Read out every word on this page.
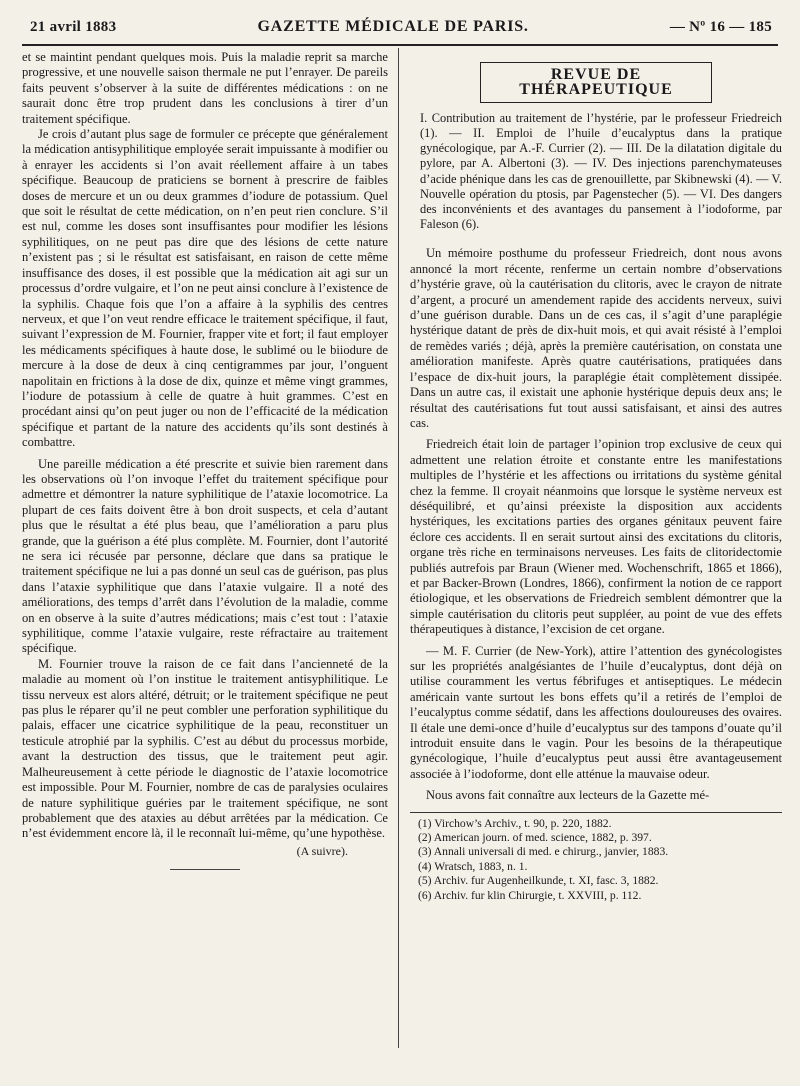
21 avril 1883	GAZETTE MÉDICALE DE PARIS.	— Nº 16 — 185

et se maintint pendant quelques mois. Puis la maladie reprit sa marche progressive, et une nouvelle saison thermale ne put l’enrayer. De pareils faits peuvent s’observer à la suite de différentes médications : on ne saurait donc être trop prudent dans les conclusions à tirer d’un traitement spécifique.

Je crois d’autant plus sage de formuler ce précepte que généralement la médication antisyphilitique employée serait impuissante à modifier ou à enrayer les accidents si l’on avait réellement affaire à un tabes spécifique. Beaucoup de praticiens se bornent à prescrire de faibles doses de mercure et un ou deux grammes d’iodure de potassium. Quel que soit le résultat de cette médication, on n’en peut rien conclure. S’il est nul, comme les doses sont insuffisantes pour modifier les lésions syphilitiques, on ne peut pas dire que des lésions de cette nature n’existent pas ; si le résultat est satisfaisant, en raison de cette même insuffisance des doses, il est possible que la médication ait agi sur un processus d’ordre vulgaire, et l’on ne peut ainsi conclure à l’existence de la syphilis. Chaque fois que l’on a affaire à la syphilis des centres nerveux, et que l’on veut rendre efficace le traitement spécifique, il faut, suivant l’expression de M. Fournier, frapper vite et fort; il faut employer les médicaments spécifiques à haute dose, le sublimé ou le biiodure de mercure à la dose de deux à cinq centigrammes par jour, l’onguent napolitain en frictions à la dose de dix, quinze et même vingt grammes, l’iodure de potassium à celle de quatre à huit grammes. C’est en procédant ainsi qu’on peut juger ou non de l’efficacité de la médication spécifique et partant de la nature des accidents qu’ils sont destinés à combattre.

Une pareille médication a été prescrite et suivie bien rarement dans les observations où l’on invoque l’effet du traitement spécifique pour admettre et démontrer la nature syphilitique de l’ataxie locomotrice. La plupart de ces faits doivent être à bon droit suspects, et cela d’autant plus que le résultat a été plus beau, que l’amélioration a paru plus grande, que la guérison a été plus complète. M. Fournier, dont l’autorité ne sera ici récusée par personne, déclare que dans sa pratique le traitement spécifique ne lui a pas donné un seul cas de guérison, pas plus dans l’ataxie syphilitique que dans l’ataxie vulgaire. Il a noté des améliorations, des temps d’arrêt dans l’évolution de la maladie, comme on en observe à la suite d’autres médications; mais c’est tout : l’ataxie syphilitique, comme l’ataxie vulgaire, reste réfractaire au traitement spécifique.

M. Fournier trouve la raison de ce fait dans l’ancienneté de la maladie au moment où l’on institue le traitement antisyphilitique. Le tissu nerveux est alors altéré, détruit; or le traitement spécifique ne peut pas plus le réparer qu’il ne peut combler une perforation syphilitique du palais, effacer une cicatrice syphilitique de la peau, reconstituer un testicule atrophié par la syphilis. C’est au début du processus morbide, avant la destruction des tissus, que le traitement peut agir. Malheureusement à cette période le diagnostic de l’ataxie locomotrice est impossible. Pour M. Fournier, nombre de cas de paralysies oculaires de nature syphilitique guéries par le traitement spécifique, ne sont probablement que des ataxies au début arrêtées par la médication. Ce n’est évidemment encore là, il le reconnaît lui-même, qu’une hypothèse.

(A suivre).
REVUE DE THÉRAPEUTIQUE

I. Contribution au traitement de l’hystérie, par le professeur Friedreich (1). — II. Emploi de l’huile d’eucalyptus dans la pratique gynécologique, par A.-F. Currier (2). — III. De la dilatation digitale du pylore, par A. Albertoni (3). — IV. Des injections parenchymateuses d’acide phénique dans les cas de grenouillette, par Skibnewski (4). — V. Nouvelle opération du ptosis, par Pagenstecher (5). — VI. Des dangers des inconvénients et des avantages du pansement à l’iodoforme, par Faleson (6).

Un mémoire posthume du professeur Friedreich, dont nous avons annoncé la mort récente, renferme un certain nombre d’observations d’hystérie grave, où la cautérisation du clitoris, avec le crayon de nitrate d’argent, a procuré un amendement rapide des accidents nerveux, suivi d’une guérison durable. Dans un de ces cas, il s’agit d’une paraplégie hystérique datant de près de dix-huit mois, et qui avait résisté à l’emploi de remèdes variés ; déjà, après la première cautérisation, on constata une amélioration manifeste. Après quatre cautérisations, pratiquées dans l’espace de dix-huit jours, la paraplégie était complètement dissipée. Dans un autre cas, il existait une aphonie hystérique depuis deux ans; le résultat des cautérisations fut tout aussi satisfaisant, et ainsi des autres cas.

Friedreich était loin de partager l’opinion trop exclusive de ceux qui admettent une relation étroite et constante entre les manifestations multiples de l’hystérie et les affections ou irritations du système génital chez la femme. Il croyait néanmoins que lorsque le système nerveux est déséquilibré, et qu’ainsi préexiste la disposition aux accidents hystériques, les excitations parties des organes génitaux peuvent faire éclore ces accidents. Il en serait surtout ainsi des excitations du clitoris, organe très riche en terminaisons nerveuses. Les faits de clitoridectomie publiés autrefois par Braun (Wiener med. Wochenschrift, 1865 et 1866), et par Backer-Brown (Londres, 1866), confirment la notion de ce rapport étiologique, et les observations de Friedreich semblent démontrer que la simple cautérisation du clitoris peut suppléer, au point de vue des effets thérapeutiques à distance, l’excision de cet organe.

— M. F. Currier (de New-York), attire l’attention des gynécologistes sur les propriétés analgésiantes de l’huile d’eucalyptus, dont déjà on utilise couramment les vertus fébrifuges et antiseptiques. Le médecin américain vante surtout les bons effets qu’il a retirés de l’emploi de l’eucalyptus comme sédatif, dans les affections douloureuses des ovaires. Il étale une demi-once d’huile d’eucalyptus sur des tampons d’ouate qu’il introduit ensuite dans le vagin. Pour les besoins de la thérapeutique gynécologique, l’huile d’eucalyptus peut aussi être avantageusement associée à l’iodoforme, dont elle atténue la mauvaise odeur.

Nous avons fait connaître aux lecteurs de la Gazette mé-

(1) Virchow’s Archiv., t. 90, p. 220, 1882.
(2) American journ. of med. science, 1882, p. 397.
(3) Annali universali di med. e chirurg., janvier, 1883.
(4) Wratsch, 1883, n. 1.
(5) Archiv. fur Augenheilkunde, t. XI, fasc. 3, 1882.
(6) Archiv. fur klin Chirurgie, t. XXVIII, p. 112.
